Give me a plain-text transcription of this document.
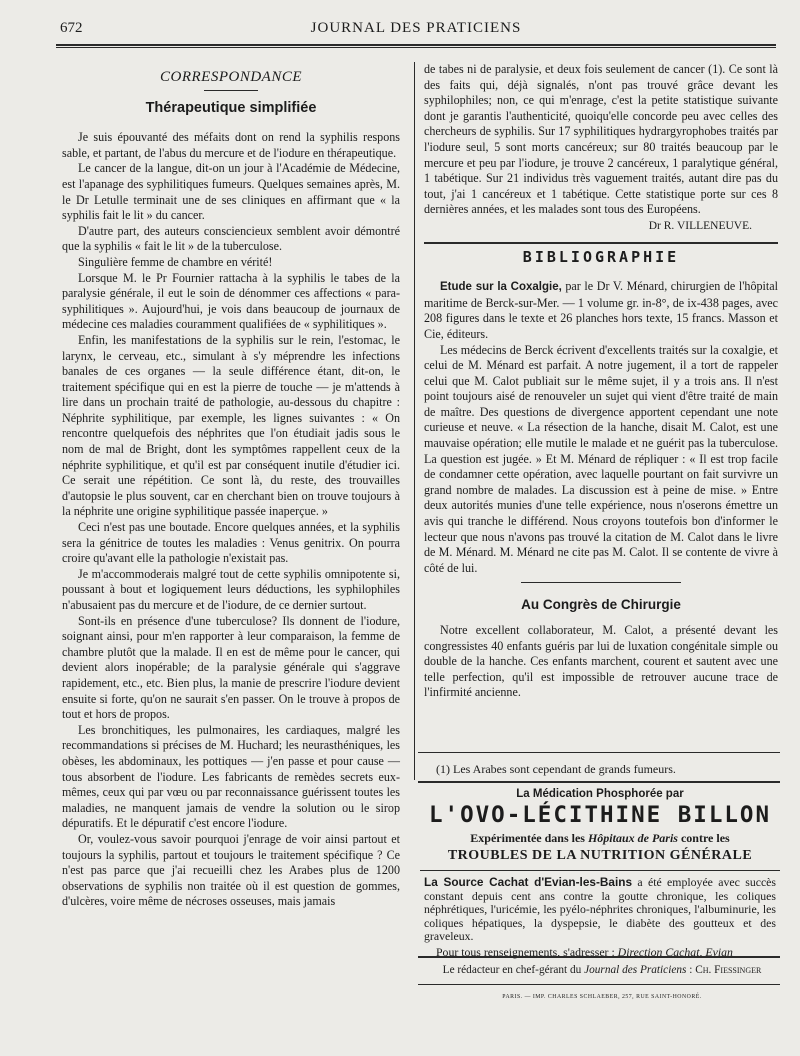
672	JOURNAL DES PRATICIENS
CORRESPONDANCE
Thérapeutique simplifiée

Je suis épouvanté des méfaits dont on rend la syphilis respons sable, et partant, de l'abus du mercure et de l'iodure en thérapeutique.

Le cancer de la langue, dit-on un jour à l'Académie de Médecine, est l'apanage des syphilitiques fumeurs. Quelques semaines après, M. le Dr Letulle terminait une de ses cliniques en affirmant que « la syphilis fait le lit » du cancer.

D'autre part, des auteurs consciencieux semblent avoir démontré que la syphilis « fait le lit » de la tuberculose.

Singulière femme de chambre en vérité!

Lorsque M. le Pr Fournier rattacha à la syphilis le tabes de la paralysie générale, il eut le soin de dénommer ces affections « para-syphilitiques ». Aujourd'hui, je vois dans beaucoup de journaux de médecine ces maladies couramment qualifiées de « syphilitiques ».

Enfin, les manifestations de la syphilis sur le rein, l'estomac, le larynx, le cerveau, etc., simulant à s'y méprendre les infections banales de ces organes — la seule différence étant, dit-on, le traitement spécifique qui en est la pierre de touche — je m'attends à lire dans un prochain traité de pathologie, au-dessous du chapitre : Néphrite syphilitique, par exemple, les lignes suivantes : « On rencontre quelquefois des néphrites que l'on étudiait jadis sous le nom de mal de Bright, dont les symptômes rappellent ceux de la néphrite syphilitique, et qu'il est par conséquent inutile d'étudier ici. Ce serait une répétition. Ce sont là, du reste, des trouvailles d'autopsie le plus souvent, car en cherchant bien on trouve toujours à la néphrite une origine syphilitique passée inaperçue. »

Ceci n'est pas une boutade. Encore quelques années, et la syphilis sera la génitrice de toutes les maladies : Venus genitrix. On pourra croire qu'avant elle la pathologie n'existait pas.

Je m'accommoderais malgré tout de cette syphilis omnipotente si, poussant à bout et logiquement leurs déductions, les syphilophiles n'abusaient pas du mercure et de l'iodure, de ce dernier surtout.

Sont-ils en présence d'une tuberculose? Ils donnent de l'iodure, soignant ainsi, pour m'en rapporter à leur comparaison, la femme de chambre plutôt que la malade. Il en est de même pour le cancer, qui devient alors inopérable; de la paralysie générale qui s'aggrave rapidement, etc., etc. Bien plus, la manie de prescrire l'iodure devient ensuite si forte, qu'on ne saurait s'en passer. On le trouve à propos de tout et hors de propos.

Les bronchitiques, les pulmonaires, les cardiaques, malgré les recommandations si précises de M. Huchard; les neurasthéniques, les obèses, les abdominaux, les pottiques — j'en passe et pour cause — tous absorbent de l'iodure. Les fabricants de remèdes secrets eux-mêmes, ceux qui par vœu ou par reconnaissance guérissent toutes les maladies, ne manquent jamais de vendre la solution ou le sirop dépuratifs. Et le dépuratif c'est encore l'iodure.

Or, voulez-vous savoir pourquoi j'enrage de voir ainsi partout et toujours la syphilis, partout et toujours le traitement spécifique ? Ce n'est pas parce que j'ai recueilli chez les Arabes plus de 1200 observations de syphilis non traitée où il est question de gommes, d'ulcères, voire même de nécroses osseuses, mais jamais

de tabes ni de paralysie, et deux fois seulement de cancer (1). Ce sont là des faits qui, déjà signalés, n'ont pas trouvé grâce devant les syphilophiles; non, ce qui m'enrage, c'est la petite statistique suivante dont je garantis l'authenticité, quoiqu'elle concorde peu avec celles des chercheurs de syphilis. Sur 17 syphilitiques hydrargyrophobes traités par l'iodure seul, 5 sont morts cancéreux; sur 80 traités beaucoup par le mercure et peu par l'iodure, je trouve 2 cancéreux, 1 paralytique général, 1 tabétique. Sur 21 individus très vaguement traités, autant dire pas du tout, j'ai 1 cancéreux et 1 tabétique. Cette statistique porte sur ces 8 dernières années, et les malades sont tous des Européens.

Dr R. VILLENEUVE.
BIBLIOGRAPHIE

Etude sur la Coxalgie, par le Dr V. Ménard, chirurgien de l'hôpital maritime de Berck-sur-Mer. — 1 volume gr. in-8°, de ix-438 pages, avec 208 figures dans le texte et 26 planches hors texte, 15 francs. Masson et Cie, éditeurs.

Les médecins de Berck écrivent d'excellents traités sur la coxalgie, et celui de M. Ménard est parfait. A notre jugement, il a tort de rappeler celui que M. Calot publiait sur le même sujet, il y a trois ans. Il n'est point toujours aisé de renouveler un sujet qui vient d'être traité de main de maître. Des questions de divergence apportent cependant une note curieuse et neuve. « La résection de la hanche, disait M. Calot, est une mauvaise opération; elle mutile le malade et ne guérit pas la tuberculose. La question est jugée. » Et M. Ménard de répliquer : « Il est trop facile de condamner cette opération, avec laquelle pourtant on fait survivre un grand nombre de malades. La discussion est à peine de mise. » Entre deux autorités munies d'une telle expérience, nous n'oserons émettre un avis qui tranche le différend. Nous croyons toutefois bon d'informer le lecteur que nous n'avons pas trouvé la citation de M. Calot dans le livre de M. Ménard. M. Ménard ne cite pas M. Calot. Il se contente de vivre à côté de lui.

Au Congrès de Chirurgie

Notre excellent collaborateur, M. Calot, a présenté devant les congressistes 40 enfants guéris par lui de luxation congénitale simple ou double de la hanche. Ces enfants marchent, courent et sautent avec une telle perfection, qu'il est impossible de retrouver aucune trace de l'infirmité ancienne.

(1) Les Arabes sont cependant de grands fumeurs.
La Médication Phosphorée par
L'OVO-LÉCITHINE BILLON
Expérimentée dans les Hôpitaux de Paris contre les
TROUBLES DE LA NUTRITION GÉNÉRALE
La Source Cachat d'Evian-les-Bains a été employée avec succès constant depuis cent ans contre la goutte chronique, les coliques néphrétiques, l'uricémie, les pyélo-néphrites chroniques, l'albuminurie, les coliques hépatiques, la dyspepsie, le diabète des goutteux et des graveleux.
Pour tous renseignements, s'adresser : Direction Cachat, Evian
Le rédacteur en chef-gérant du Journal des Praticiens : Ch. Fiessinger
PARIS. — IMP. CHARLES SCHLAEBER, 257, RUE SAINT-HONORÉ.
